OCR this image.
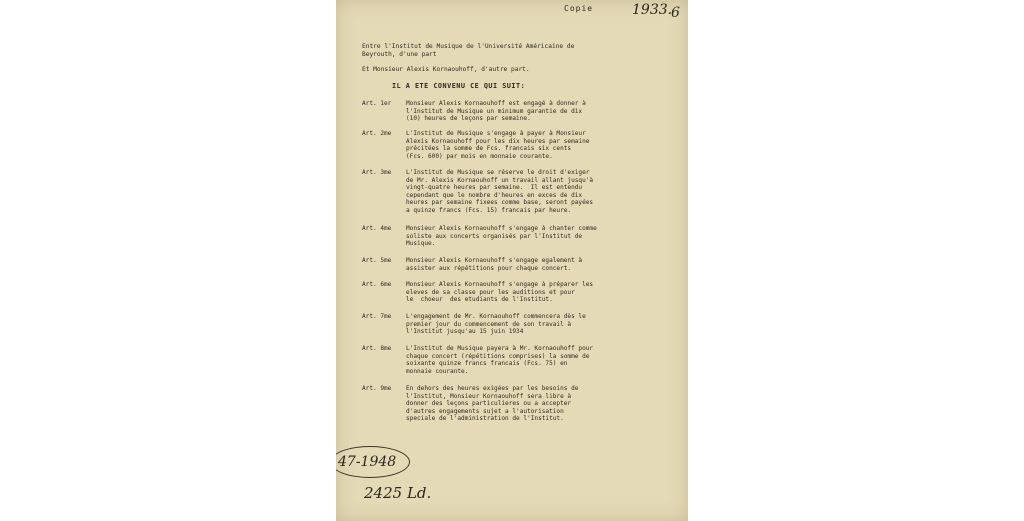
Copie	1933.
6
Entre l'Institut de Musique de l'Université Américaine de
Beyrouth, d'une part
Et Monsieur Alexis Kornaouhoff, d'autre part.
IL A ETE CONVENU CE QUI SUIT:
Art. 1er Monsieur Alexis Kornaouhoff est engagé à donner à
l'Institut de Musique un minimum garantie de dix
(10) heures de leçons par semaine.
Art. 2me L'Institut de Musique s'engage à payer à Monsieur
Alexis Kornaouhoff pour les dix heures par semaine
précitées la somme de Fcs. francais six cents
(Fcs. 600) par mois en monnaie courante.
Art. 3me L'Institut de Musique se réserve le droit d'exiger
de Mr. Alexis Kornaouhoff un travail allant jusqu'à
vingt-quatre heures par semaine.  Il est entendu
cependant que le nombre d'heures en exces de dix
heures par semaine fixees comme base, seront payées
a quinze francs (Fcs. 15) francais par heure.
Art. 4me Monsieur Alexis Kornaouhoff s'engage à chanter comme
soliste aux concerts organisés par l'Institut de
Musique.
Art. 5me Monsieur Alexis Kornaouhoff s'engage egalement à
assister aux répétitions pour chaque concert.
Art. 6me Monsieur Alexis Kornaouhoff s'engage à préparer les
eleves de sa classe pour les auditions et pour
le  choeur  des etudiants de l'Institut.
Art. 7me L'engagement de Mr. Kornaouhoff commencera dès le
premier jour du commencement de son travail à
l'Institut jusqu'au 15 juin 1934
Art. 8me L'Institut de Musique payera à Mr. Kornaouhoff pour
chaque concert (répétitions comprises) la somme de
soixante quinze francs francais (Fcs. 75) en
monnaie courante.
Art. 9me En dehors des heures exigées par les besoins de
l'Institut, Monsieur Kornaouhoff sera libre à
donner des leçons particulieres ou a accepter
d'autres engagements sujet a l'autorisation
speciale de l'administration de l'Institut.
47-1948
2425 Ld.
